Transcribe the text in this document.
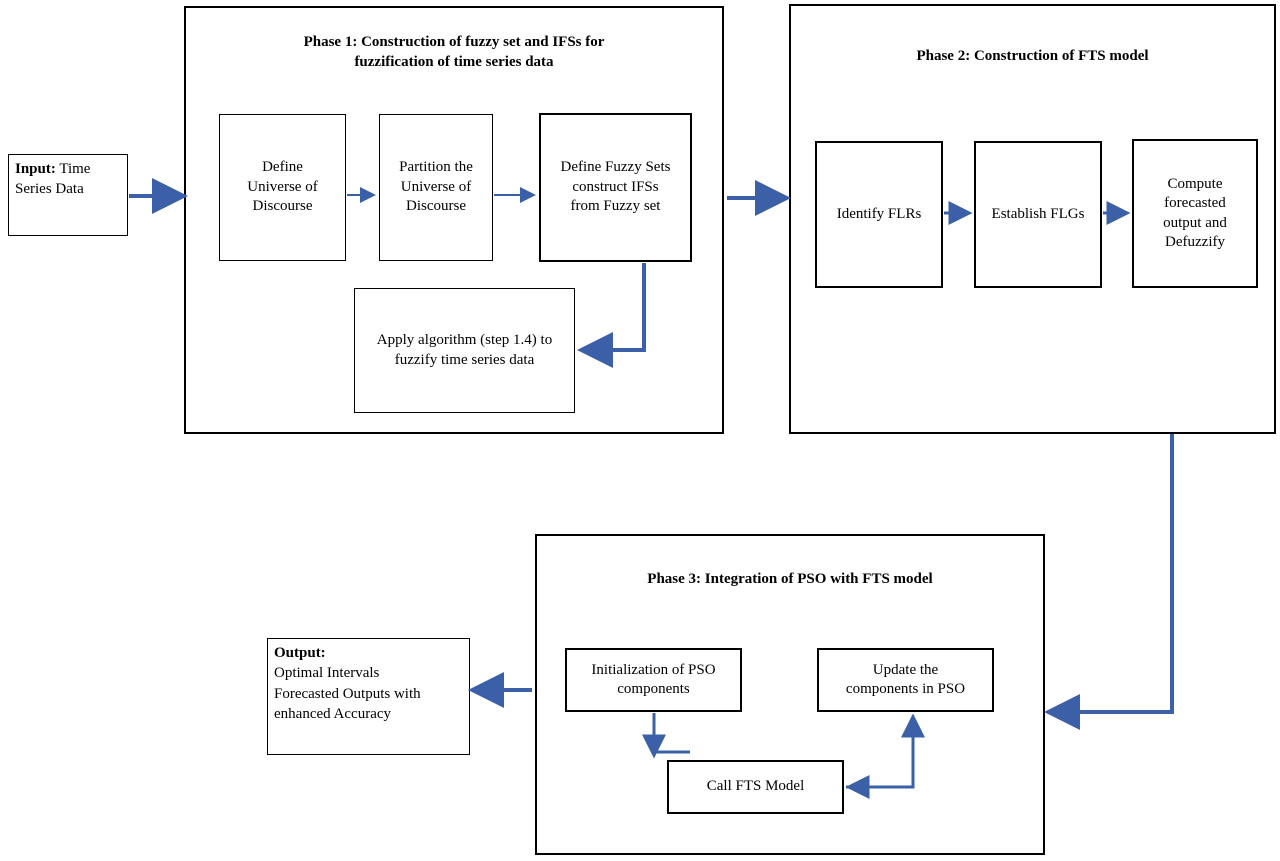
Phase 1: Construction of fuzzy set and IFSs for
fuzzification of time series data
Define
Universe of
Discourse
Partition the
Universe of
Discourse
Define Fuzzy Sets
construct IFSs
from Fuzzy set
Apply algorithm (step 1.4) to
fuzzify time series data
Phase 2: Construction of FTS model
Identify FLRs	Establish FLGs
Compute
forecasted
output and
Defuzzify
Phase 3: Integration of PSO with FTS model
Initialization of PSO
components
Update the
components in PSO
Call FTS Model
Input: Time
Series Data
Output:
Optimal Intervals
Forecasted Outputs with
enhanced Accuracy
